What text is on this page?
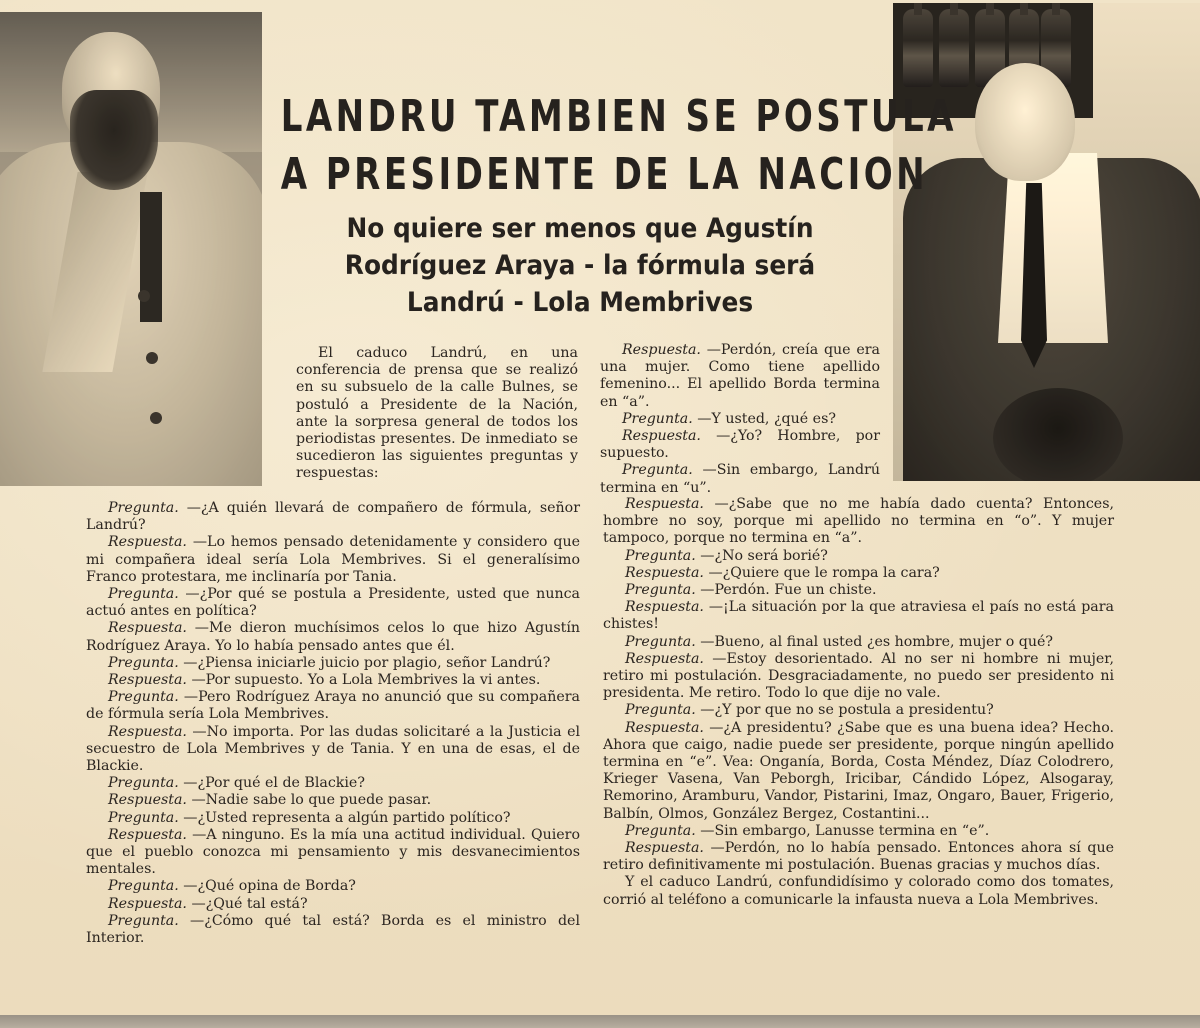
LANDRU TAMBIEN SE POSTULA
A PRESIDENTE DE LA NACION
No quiere ser menos que Agustín
Rodríguez Araya - la fórmula será
Landrú - Lola Membrives

El caduco Landrú, en una conferencia de prensa que se realizó en su subsuelo de la calle Bulnes, se postuló a Presidente de la Nación, ante la sorpresa general de todos los periodistas presentes. De inmediato se sucedieron las siguientes preguntas y respuestas:

Respuesta. —Perdón, creía que era una mujer. Como tiene apellido femenino... El apellido Borda termina en “a”.

Pregunta. —Y usted, ¿qué es?

Respuesta. —¿Yo? Hombre, por supuesto.

Pregunta. —Sin embargo, Landrú termina en “u”.

Pregunta. —¿A quién llevará de compañero de fórmula, señor Landrú?

Respuesta. —Lo hemos pensado detenidamente y considero que mi compañera ideal sería Lola Membrives. Si el generalísimo Franco protestara, me inclinaría por Tania.

Pregunta. —¿Por qué se postula a Presidente, usted que nunca actuó antes en política?

Respuesta. —Me dieron muchísimos celos lo que hizo Agustín Rodríguez Araya. Yo lo había pensado antes que él.

Pregunta. —¿Piensa iniciarle juicio por plagio, señor Landrú?

Respuesta. —Por supuesto. Yo a Lola Membrives la vi antes.

Pregunta. —Pero Rodríguez Araya no anunció que su compañera de fórmula sería Lola Membrives.

Respuesta. —No importa. Por las dudas solicitaré a la Justicia el secuestro de Lola Membrives y de Tania. Y en una de esas, el de Blackie.

Pregunta. —¿Por qué el de Blackie?

Respuesta. —Nadie sabe lo que puede pasar.

Pregunta. —¿Usted representa a algún partido político?

Respuesta. —A ninguno. Es la mía una actitud individual. Quiero que el pueblo conozca mi pensamiento y mis desvanecimientos mentales.

Pregunta. —¿Qué opina de Borda?

Respuesta. —¿Qué tal está?

Pregunta. —¿Cómo qué tal está? Borda es el ministro del Interior.

Respuesta. —¿Sabe que no me había dado cuenta? Entonces, hombre no soy, porque mi apellido no termina en “o”. Y mujer tampoco, porque no termina en “a”.

Pregunta. —¿No será borié?

Respuesta. —¿Quiere que le rompa la cara?

Pregunta. —Perdón. Fue un chiste.

Respuesta. —¡La situación por la que atraviesa el país no está para chistes!

Pregunta. —Bueno, al final usted ¿es hombre, mujer o qué?

Respuesta. —Estoy desorientado. Al no ser ni hombre ni mujer, retiro mi postulación. Desgraciadamente, no puedo ser presidento ni presidenta. Me retiro. Todo lo que dije no vale.

Pregunta. —¿Y por que no se postula a presidentu?

Respuesta. —¿A presidentu? ¿Sabe que es una buena idea? Hecho. Ahora que caigo, nadie puede ser presidente, porque ningún apellido termina en “e”. Vea: Onganía, Borda, Costa Méndez, Díaz Colodrero, Krieger Vasena, Van Peborgh, Iricibar, Cándido López, Alsogaray, Remorino, Aramburu, Vandor, Pistarini, Imaz, Ongaro, Bauer, Frigerio, Balbín, Olmos, González Bergez, Costantini...

Pregunta. —Sin embargo, Lanusse termina en “e”.

Respuesta. —Perdón, no lo había pensado. Entonces ahora sí que retiro definitivamente mi postulación. Buenas gracias y muchos días.

Y el caduco Landrú, confundidísimo y colorado como dos tomates, corrió al teléfono a comunicarle la infausta nueva a Lola Membrives.
